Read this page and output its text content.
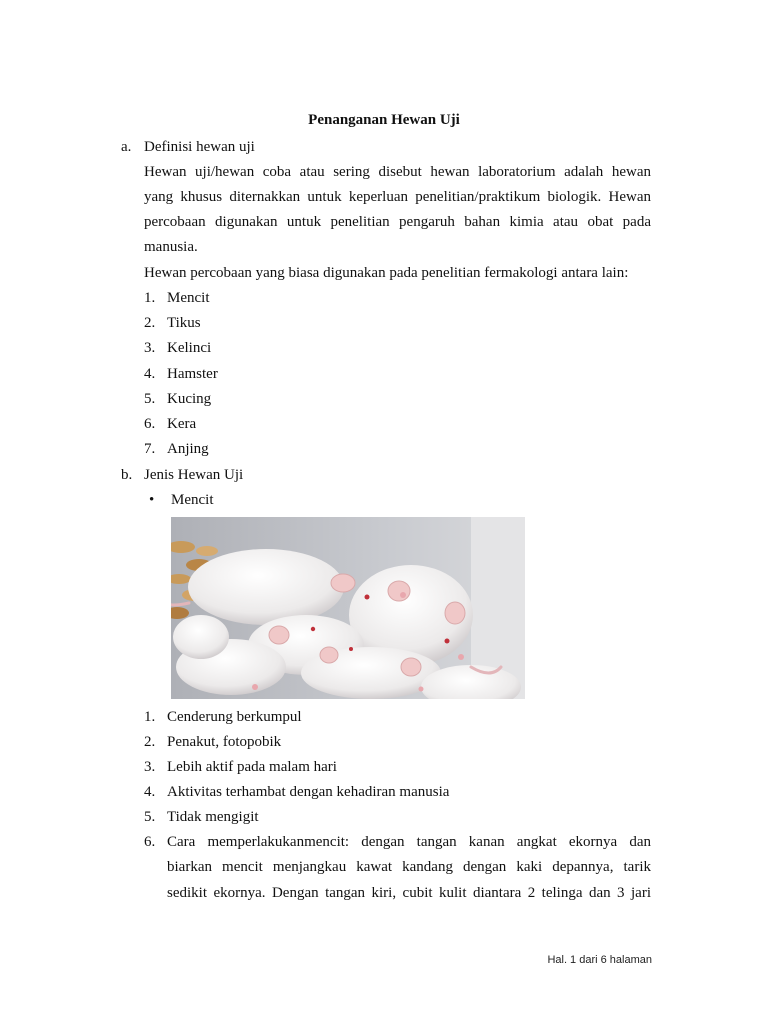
Penanganan Hewan Uji
a. Definisi hewan uji
Hewan uji/hewan coba atau sering disebut hewan laboratorium adalah hewan
yang khusus diternakkan untuk keperluan penelitian/praktikum biologik. Hewan
percobaan digunakan untuk penelitian pengaruh bahan kimia atau obat pada
manusia.
Hewan percobaan yang biasa digunakan pada penelitian fermakologi antara lain:
1. Mencit
2. Tikus
3. Kelinci
4. Hamster
5. Kucing
6. Kera
7. Anjing
b. Jenis Hewan Uji
• Mencit
1. Cenderung berkumpul
2. Penakut, fotopobik
3. Lebih aktif pada malam hari
4. Aktivitas terhambat dengan kehadiran manusia
5. Tidak mengigit
6. Cara memperlakukanmencit: dengan tangan kanan angkat ekornya dan
biarkan mencit menjangkau kawat kandang dengan kaki depannya, tarik
sedikit ekornya. Dengan tangan kiri, cubit kulit diantara 2 telinga dan 3 jari
Hal. 1 dari 6 halaman
